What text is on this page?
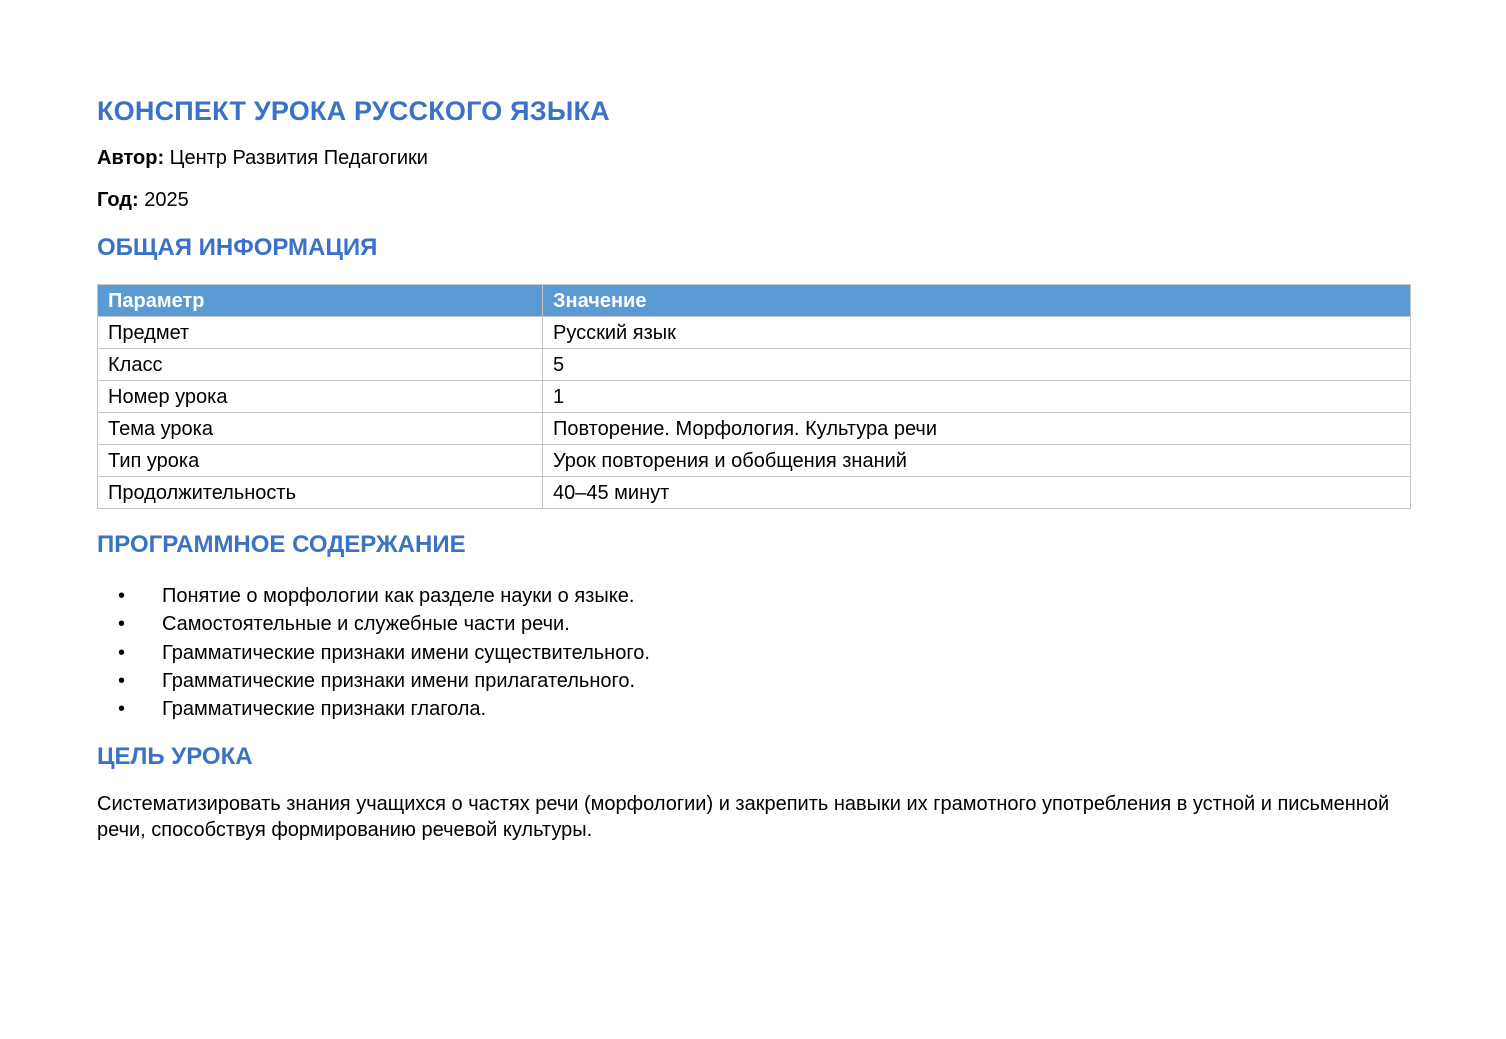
КОНСПЕКТ УРОКА РУССКОГО ЯЗЫКА

Автор: Центр Развития Педагогики

Год: 2025

ОБЩАЯ ИНФОРМАЦИЯ
Параметр	Значение
Предмет	Русский язык
Класс	5
Номер урока	1
Тема урока	Повторение. Морфология. Культура речи
Тип урока	Урок повторения и обобщения знаний
Продолжительность	40–45 минут
ПРОГРАММНОЕ СОДЕРЖАНИЕ
• Понятие о морфологии как разделе науки о языке.
• Самостоятельные и служебные части речи.
• Грамматические признаки имени существительного.
• Грамматические признаки имени прилагательного.
• Грамматические признаки глагола.
ЦЕЛЬ УРОКА

Систематизировать знания учащихся о частях речи (морфологии) и закрепить навыки их грамотного употребления в устной и письменной речи, способствуя формированию речевой культуры.
